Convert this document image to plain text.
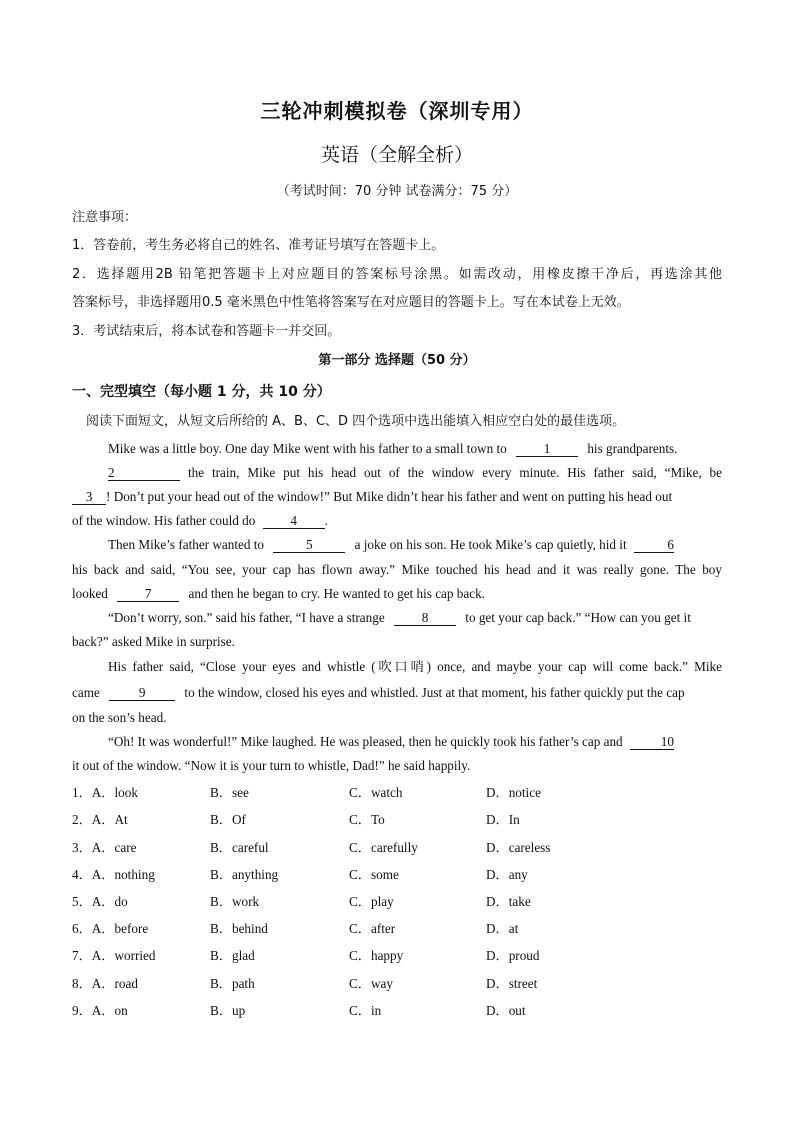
三轮冲刺模拟卷（深圳专用）
英语（全解全析）
（考试时间：70 分钟 试卷满分：75 分）
注意事项：
1．答卷前，考生务必将自己的姓名、准考证号填写在答题卡上。
2．选择题用2B 铅笔把答题卡上对应题目的答案标号涂黑。如需改动，用橡皮擦干净后，再选涂其他
答案标号，非选择题用0.5 毫米黑色中性笔将答案写在对应题目的答题卡上。写在本试卷上无效。
3．考试结束后，将本试卷和答题卡一并交回。
第一部分 选择题（50 分）
一、完型填空（每小题 1 分，共 10 分）
阅读下面短文，从短文后所给的 A、B、C、D 四个选项中选出能填入相应空白处的最佳选项。
Mike was a little boy. One day Mike went with his father to a small town to	1	his grandparents.
2	the train, Mike put his head out of the window every minute. His father said, “Mike, be
3 ! Don’t put your head out of the window!” But Mike didn’t hear his father and went on putting his head out
of the window. His father could do	4 .
Then Mike’s father wanted to	5	a joke on his son. He took Mike’s cap quietly, hid it	6
his back and said, “You see, your cap has flown away.” Mike touched his head and it was really gone. The boy
looked	7	and then he began to cry. He wanted to get his cap back.
“Don’t worry, son.” said his father, “I have a strange	8	to get your cap back.” “How can you get it
back?” asked Mike in surprise.
His father said, “Close your eyes and whistle (吹口哨) once, and maybe your cap will come back.” Mike
came	9	to the window, closed his eyes and whistled. Just at that moment, his father quickly put the cap
on the son’s head.
“Oh! It was wonderful!” Mike laughed. He was pleased, then he quickly took his father’s cap and	10
it out of the window. “Now it is your turn to whistle, Dad!” he said happily.
1．A．look	B．see	C．watch	D．notice
2．A．At	B．Of	C．To	D．In
3．A．care	B．careful	C．carefully	D．careless
4．A．nothing	B．anything	C．some	D．any
5．A．do	B．work	C．play	D．take
6．A．before	B．behind	C．after	D．at
7．A．worried	B．glad	C．happy	D．proud
8．A．road	B．path	C．way	D．street
9．A．on	B．up	C．in	D．out
